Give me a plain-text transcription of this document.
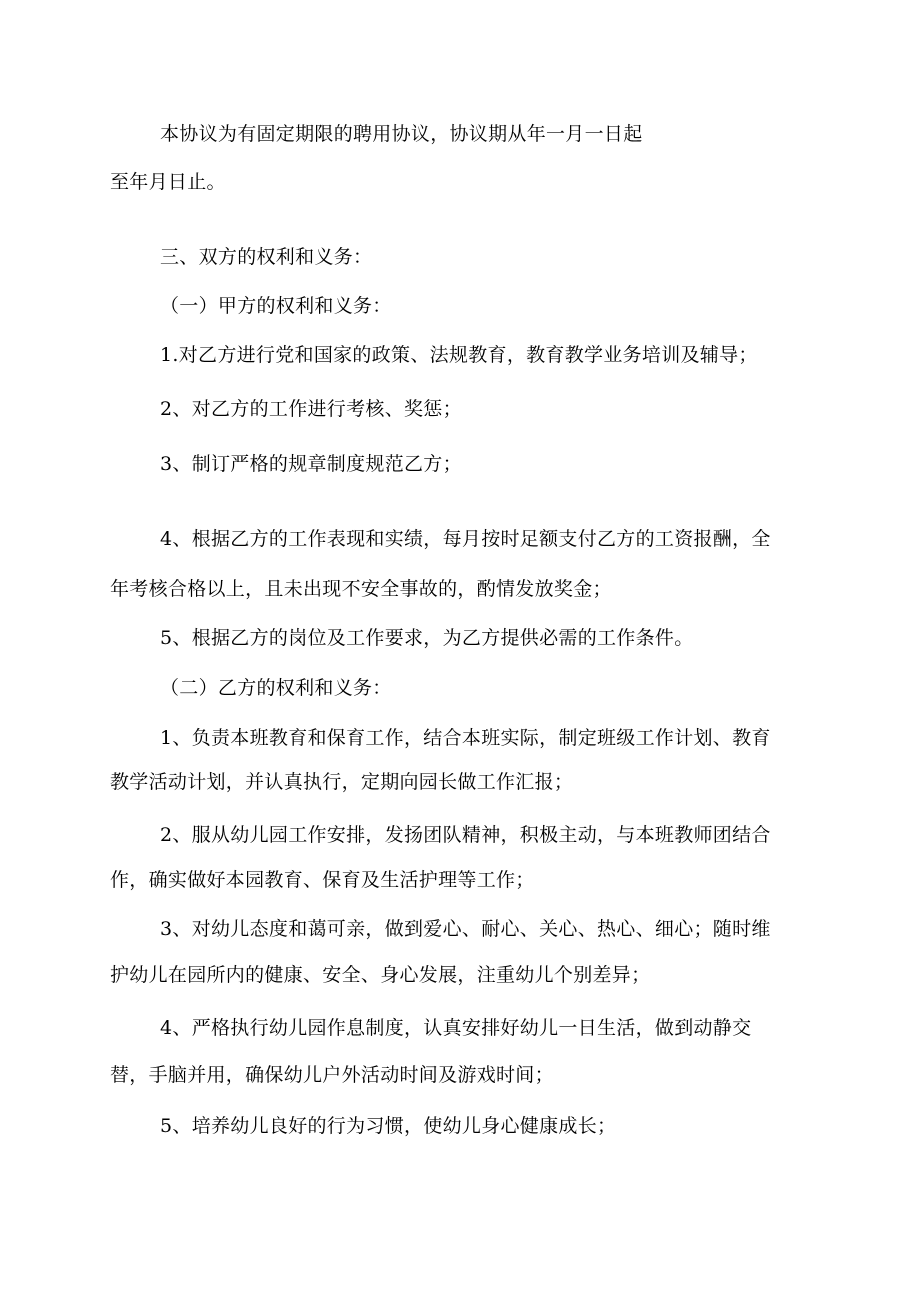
本协议为有固定期限的聘用协议，协议期从年一月一日起
至年月日止。
三、双方的权利和义务：
（一）甲方的权利和义务：
1.对乙方进行党和国家的政策、法规教育，教育教学业务培训及辅导；
2、对乙方的工作进行考核、奖惩；
3、制订严格的规章制度规范乙方；
4、根据乙方的工作表现和实绩，每月按时足额支付乙方的工资报酬，全
年考核合格以上，且未出现不安全事故的，酌情发放奖金；
5、根据乙方的岗位及工作要求，为乙方提供必需的工作条件。
（二）乙方的权利和义务：
1、负责本班教育和保育工作，结合本班实际，制定班级工作计划、教育
教学活动计划，并认真执行，定期向园长做工作汇报；
2、服从幼儿园工作安排，发扬团队精神，积极主动，与本班教师团结合
作，确实做好本园教育、保育及生活护理等工作；
3、对幼儿态度和蔼可亲，做到爱心、耐心、关心、热心、细心；随时维
护幼儿在园所内的健康、安全、身心发展，注重幼儿个别差异；
4、严格执行幼儿园作息制度，认真安排好幼儿一日生活，做到动静交
替，手脑并用，确保幼儿户外活动时间及游戏时间；
5、培养幼儿良好的行为习惯，使幼儿身心健康成长；
